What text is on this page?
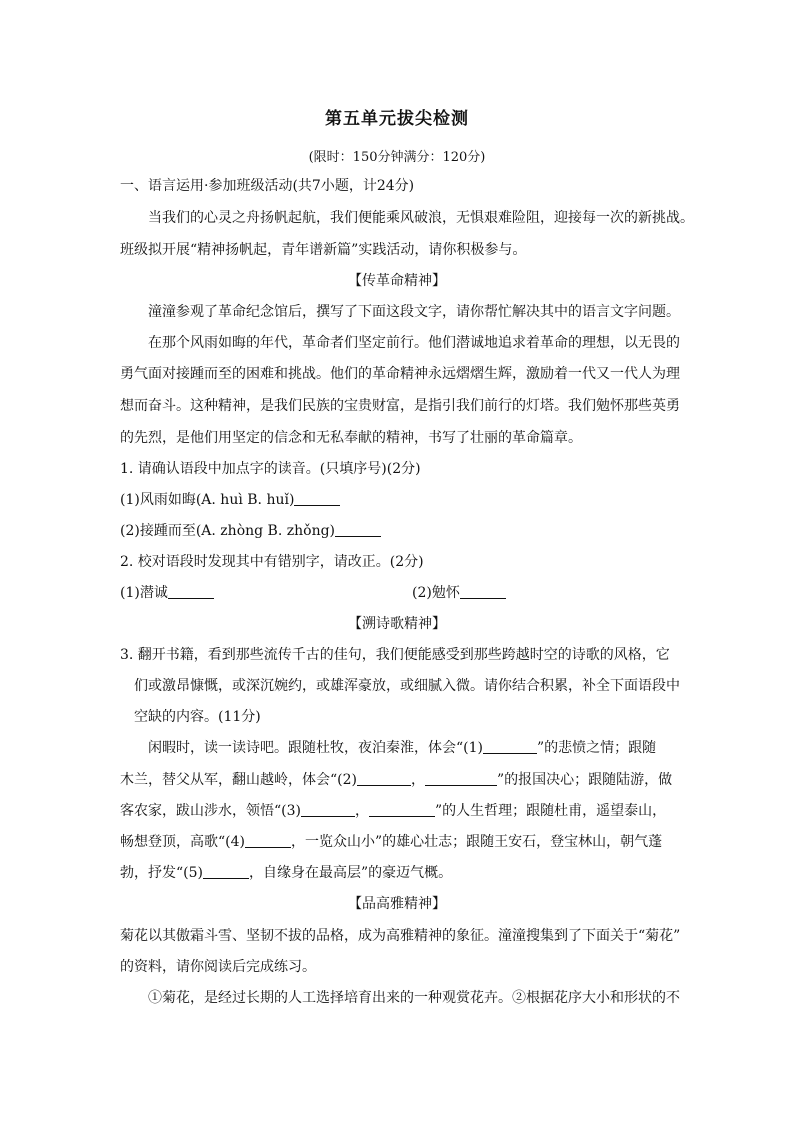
第五单元拔尖检测
(限时：150分钟满分：120分)
一、语言运用·参加班级活动(共7小题，计24分)
当我们的心灵之舟扬帆起航，我们便能乘风破浪，无惧艰难险阻，迎接每一次的新挑战。
班级拟开展“精神扬帆起，青年谱新篇”实践活动，请你积极参与。
【传革命精神】
潼潼参观了革命纪念馆后，撰写了下面这段文字，请你帮忙解决其中的语言文字问题。
在那个风雨如晦的年代，革命者们坚定前行。他们潜诚地追求着革命的理想，以无畏的
勇气面对接踵而至的困难和挑战。他们的革命精神永远熠熠生辉，激励着一代又一代人为理
想而奋斗。这种精神，是我们民族的宝贵财富，是指引我们前行的灯塔。我们勉怀那些英勇
的先烈，是他们用坚定的信念和无私奉献的精神，书写了壮丽的革命篇章。
1. 请确认语段中加点字的读音。(只填序号)(2分)
(1)风雨如晦(A. huì B. huǐ)
(2)接踵而至(A. zhòng B. zhǒng)
2. 校对语段时发现其中有错别字，请改正。(2分)
(1)潜诚	(2)勉怀
【溯诗歌精神】
3. 翻开书籍，看到那些流传千古的佳句，我们便能感受到那些跨越时空的诗歌的风格，它
们或激昂慷慨，或深沉婉约，或雄浑豪放，或细腻入微。请你结合积累，补全下面语段中
空缺的内容。(11分)
闲暇时，读一读诗吧。跟随杜牧，夜泊秦淮，体会“(1)	”的悲愤之情；跟随
木兰，替父从军，翻山越岭，体会“(2)	，	”的报国决心；跟随陆游，做
客农家，跋山涉水，领悟“(3)	，	”的人生哲理；跟随杜甫，遥望泰山，
畅想登顶，高歌“(4)	，一览众山小”的雄心壮志；跟随王安石，登宝林山，朝气蓬
勃，抒发“(5)	，自缘身在最高层”的豪迈气概。
【品高雅精神】
菊花以其傲霜斗雪、坚韧不拔的品格，成为高雅精神的象征。潼潼搜集到了下面关于“菊花”
的资料，请你阅读后完成练习。
①菊花，是经过长期的人工选择培育出来的一种观赏花卉。②根据花序大小和形状的不
